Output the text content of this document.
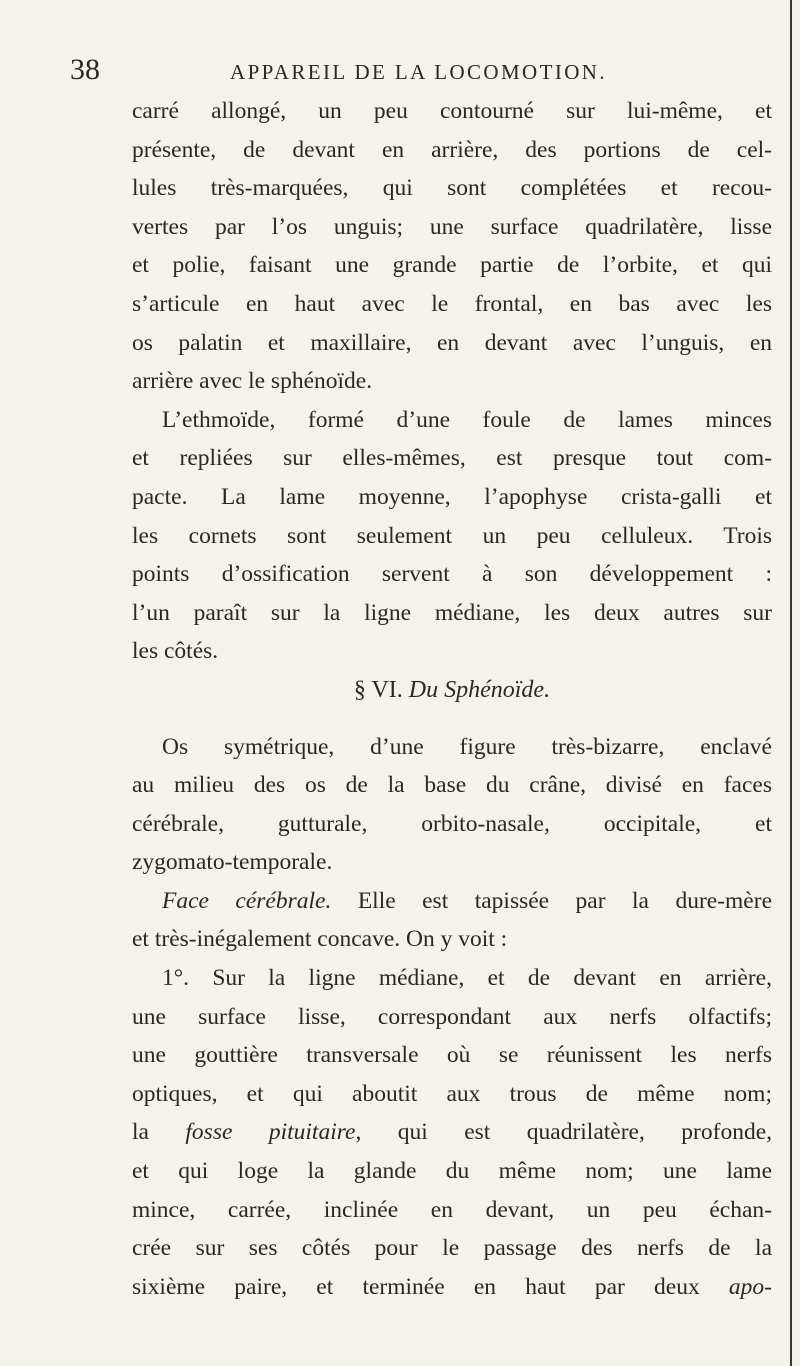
38	APPAREIL DE LA LOCOMOTION.
carré allongé, un peu contourné sur lui-même, et
présente, de devant en arrière, des portions de cel-
lules très-marquées, qui sont complétées et recou-
vertes par l’os unguis; une surface quadrilatère, lisse
et polie, faisant une grande partie de l’orbite, et qui
s’articule en haut avec le frontal, en bas avec les
os palatin et maxillaire, en devant avec l’unguis, en
arrière avec le sphénoïde.
L’ethmoïde, formé d’une foule de lames minces
et repliées sur elles-mêmes, est presque tout com-
pacte. La lame moyenne, l’apophyse crista-galli et
les cornets sont seulement un peu celluleux. Trois
points d’ossification servent à son développement :
l’un paraît sur la ligne médiane, les deux autres sur
les côtés.
§ VI. Du Sphénoïde.
Os symétrique, d’une figure très-bizarre, enclavé
au milieu des os de la base du crâne, divisé en faces
cérébrale, gutturale, orbito-nasale, occipitale, et
zygomato-temporale.
Face cérébrale. Elle est tapissée par la dure-mère
et très-inégalement concave. On y voit :
1°. Sur la ligne médiane, et de devant en arrière,
une surface lisse, correspondant aux nerfs olfactifs;
une gouttière transversale où se réunissent les nerfs
optiques, et qui aboutit aux trous de même nom;
la fosse pituitaire, qui est quadrilatère, profonde,
et qui loge la glande du même nom; une lame
mince, carrée, inclinée en devant, un peu échan-
crée sur ses côtés pour le passage des nerfs de la
sixième paire, et terminée en haut par deux apo-
